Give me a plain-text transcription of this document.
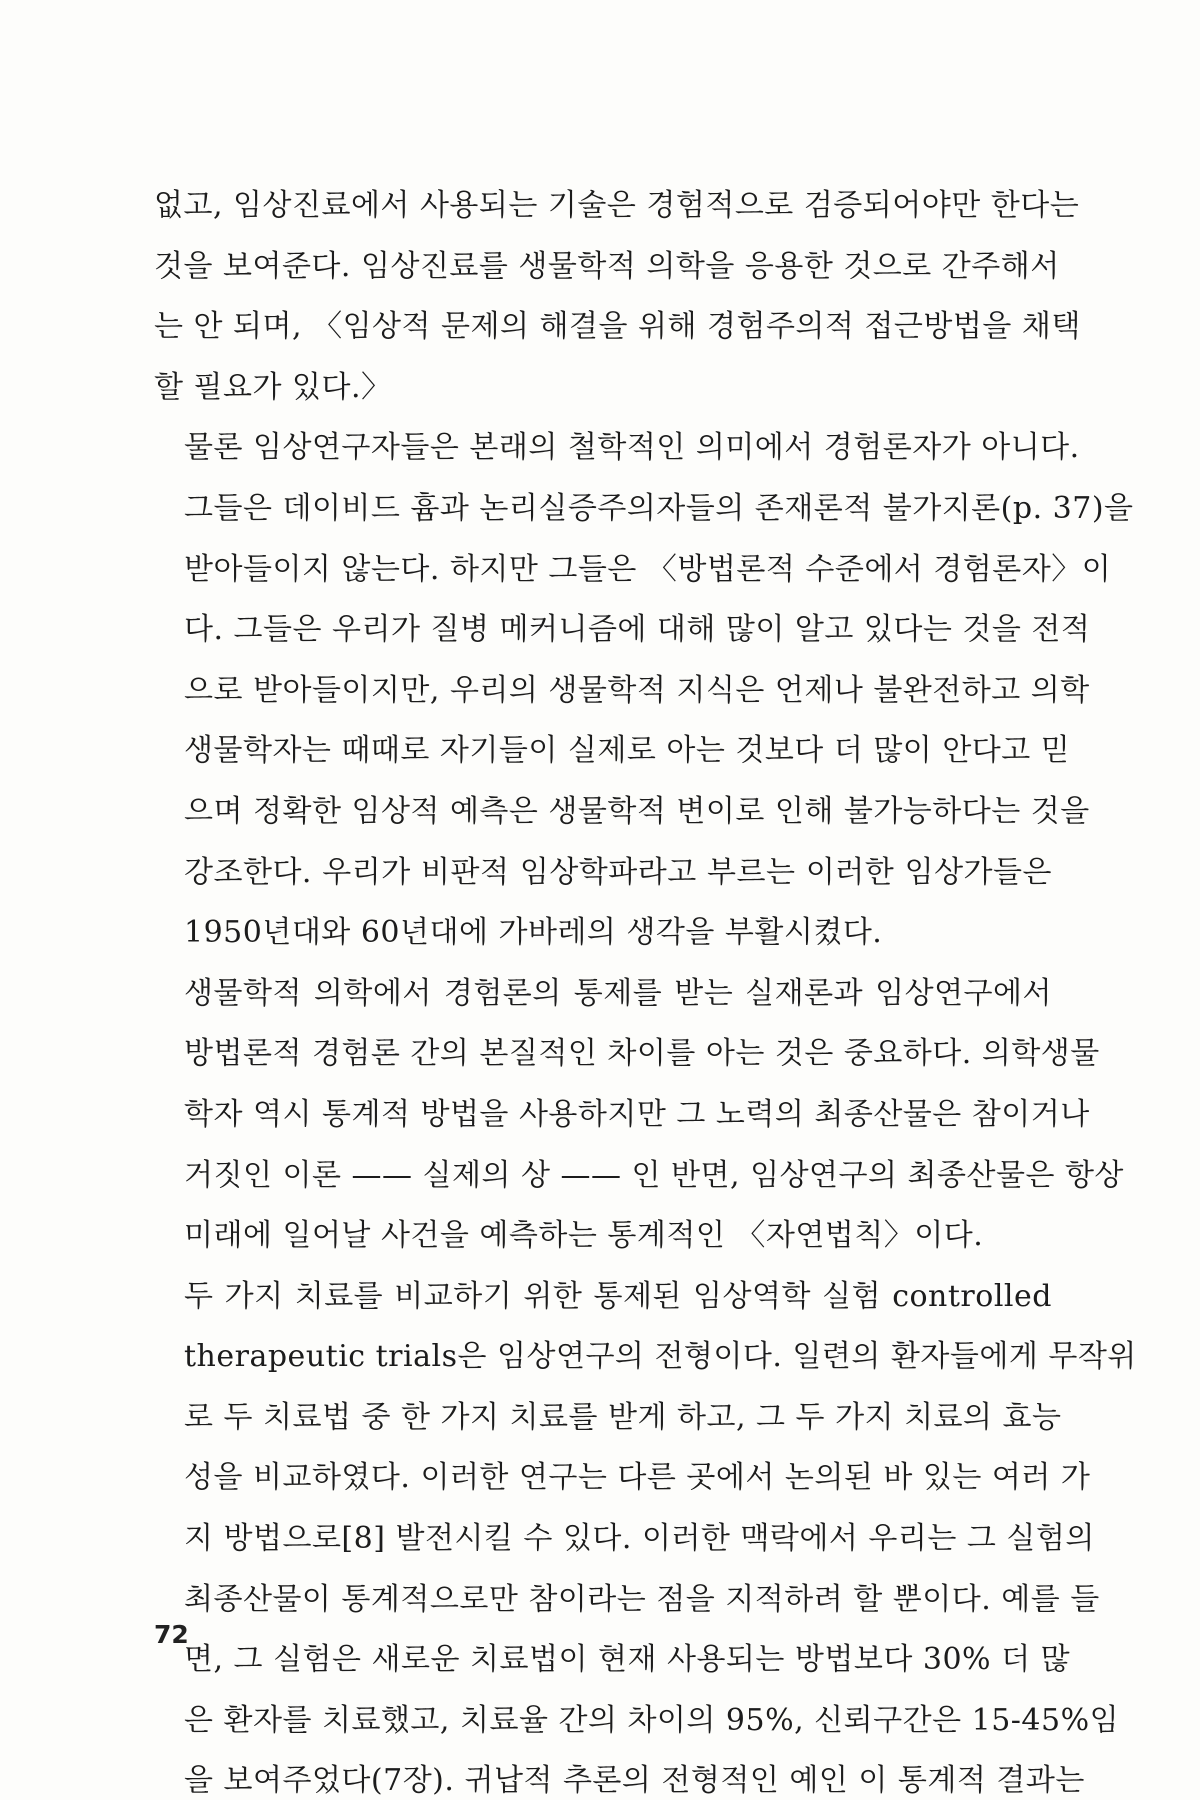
없고, 임상진료에서 사용되는 기술은 경험적으로 검증되어야만 한다는
것을 보여준다. 임상진료를 생물학적 의학을 응용한 것으로 간주해서
는 안 되며, 〈임상적 문제의 해결을 위해 경험주의적 접근방법을 채택
할 필요가 있다.〉

물론 임상연구자들은 본래의 철학적인 의미에서 경험론자가 아니다.
그들은 데이비드 흄과 논리실증주의자들의 존재론적 불가지론(p. 37)을
받아들이지 않는다. 하지만 그들은 〈방법론적 수준에서 경험론자〉이
다. 그들은 우리가 질병 메커니즘에 대해 많이 알고 있다는 것을 전적
으로 받아들이지만, 우리의 생물학적 지식은 언제나 불완전하고 의학
생물학자는 때때로 자기들이 실제로 아는 것보다 더 많이 안다고 믿
으며 정확한 임상적 예측은 생물학적 변이로 인해 불가능하다는 것을
강조한다. 우리가 비판적 임상학파라고 부르는 이러한 임상가들은
1950년대와 60년대에 가바레의 생각을 부활시켰다.

생물학적 의학에서 경험론의 통제를 받는 실재론과 임상연구에서
방법론적 경험론 간의 본질적인 차이를 아는 것은 중요하다. 의학생물
학자 역시 통계적 방법을 사용하지만 그 노력의 최종산물은 참이거나
거짓인 이론 —— 실제의 상 —— 인 반면, 임상연구의 최종산물은 항상
미래에 일어날 사건을 예측하는 통계적인 〈자연법칙〉이다.

두 가지 치료를 비교하기 위한 통제된 임상역학 실험 controlled
therapeutic trials은 임상연구의 전형이다. 일련의 환자들에게 무작위
로 두 치료법 중 한 가지 치료를 받게 하고, 그 두 가지 치료의 효능
성을 비교하였다. 이러한 연구는 다른 곳에서 논의된 바 있는 여러 가
지 방법으로[8] 발전시킬 수 있다. 이러한 맥락에서 우리는 그 실험의
최종산물이 통계적으로만 참이라는 점을 지적하려 할 뿐이다. 예를 들
면, 그 실험은 새로운 치료법이 현재 사용되는 방법보다 30% 더 많
은 환자를 치료했고, 치료율 간의 차이의 95%, 신뢰구간은 15-45%임
을 보여주었다(7장). 귀납적 추론의 전형적인 예인 이 통계적 결과는

72
